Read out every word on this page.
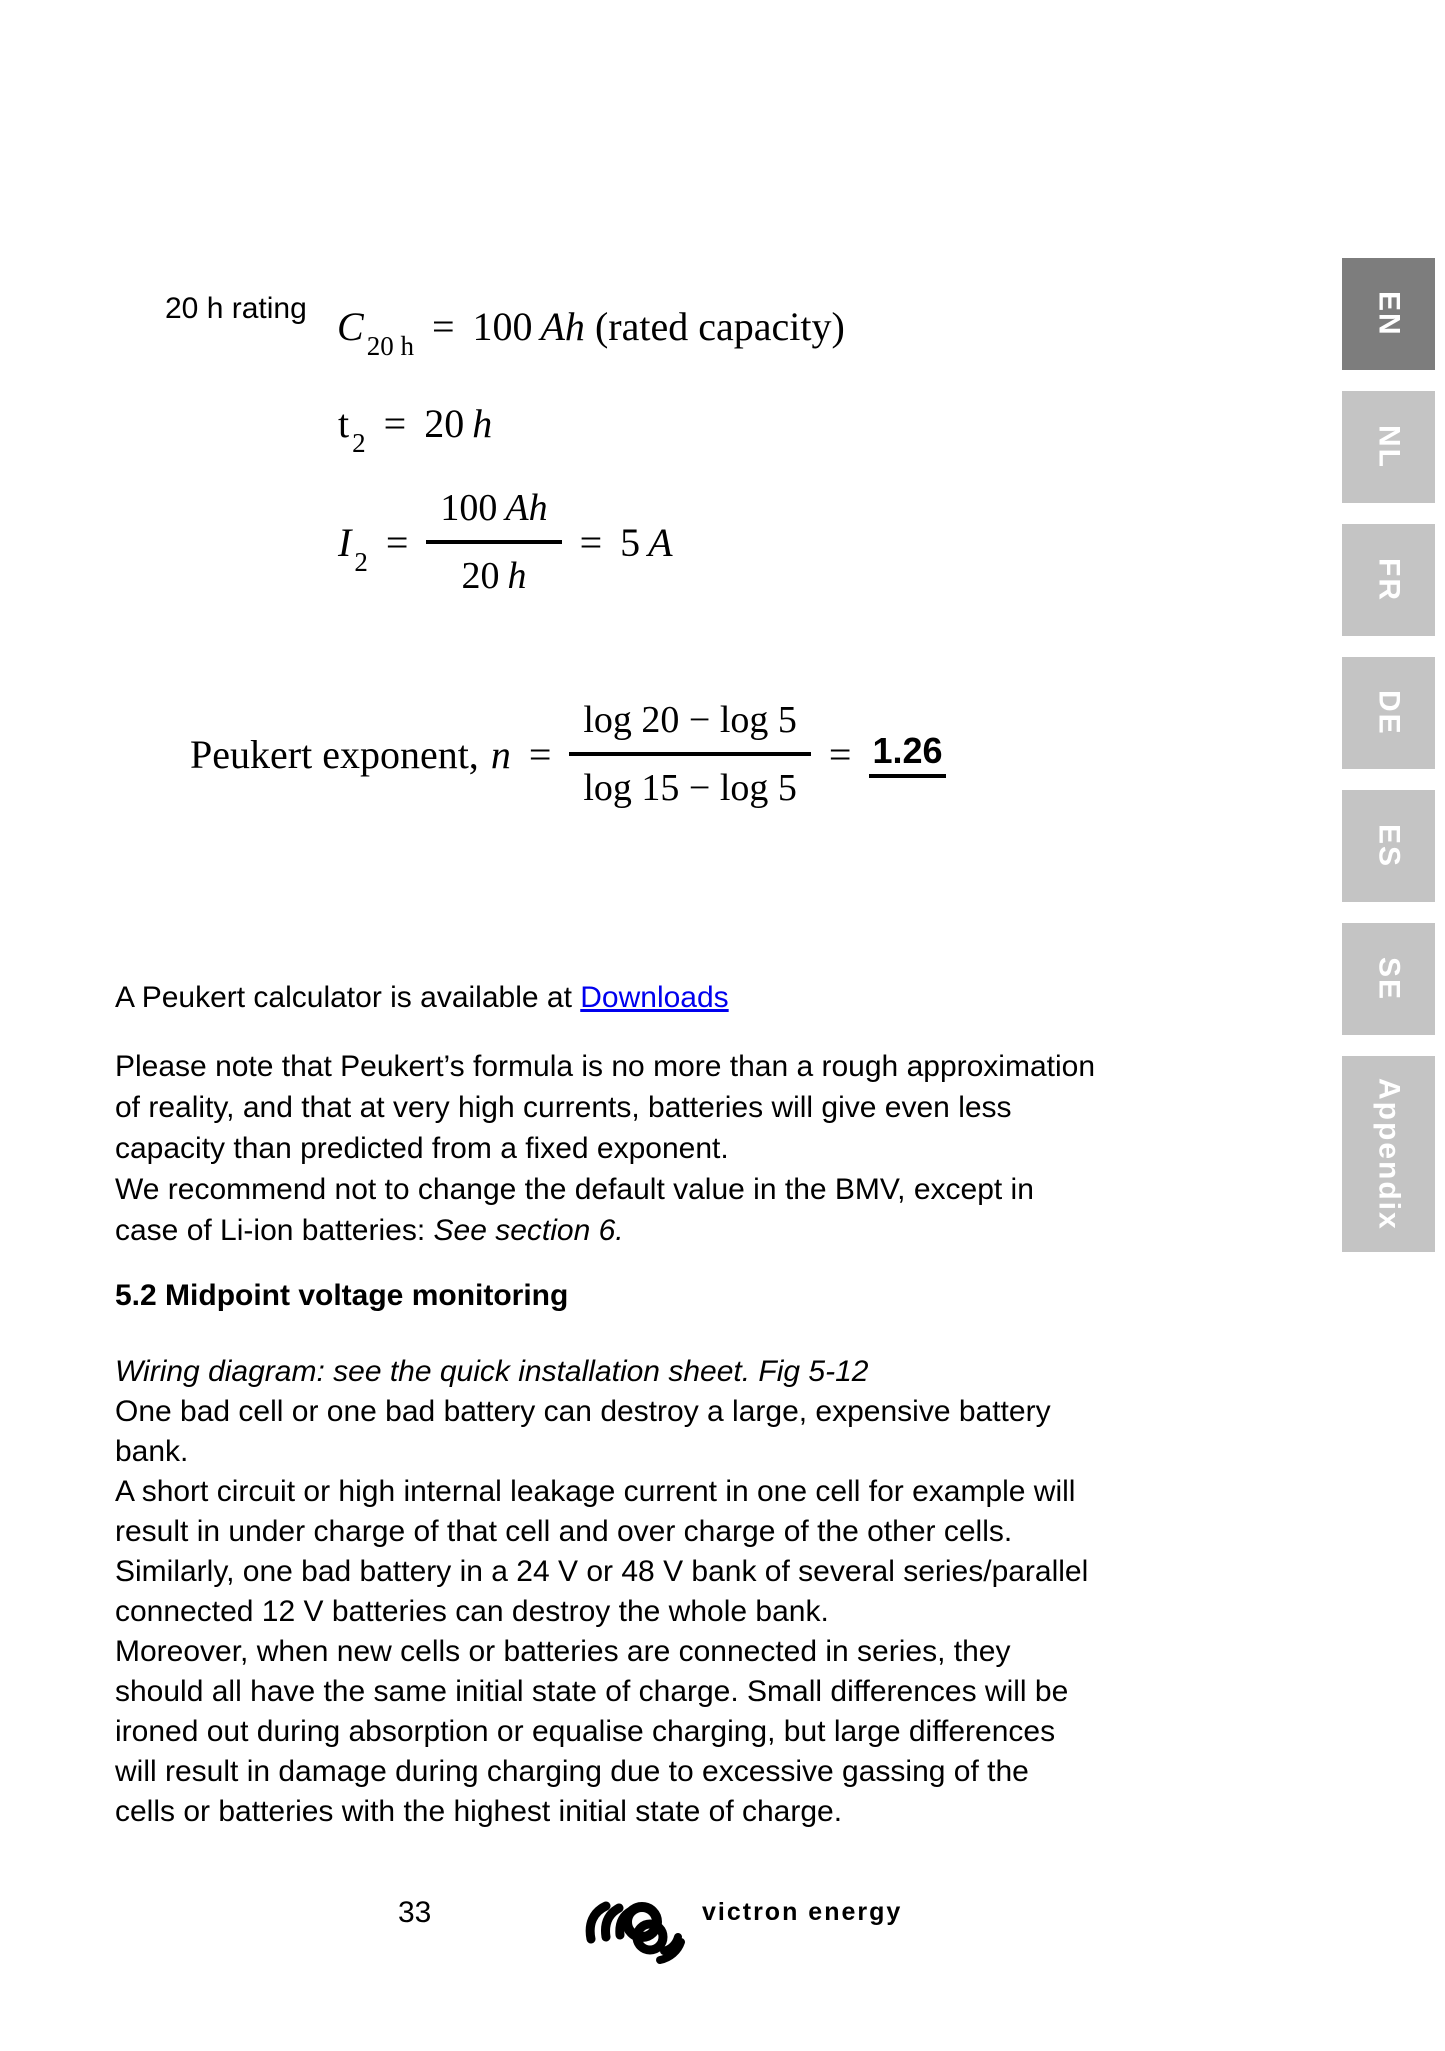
20 h rating C $_{20 h}$ = 100 Ah (rated capacity)
t $_2$ = 20 h
I $_2 = \frac{100 Ah}{20 h} = 5$ A
Peukert exponent, $n = \frac{\log 20 - \log 5}{\log 15 - \log 5} = 1.26$
A Peukert calculator is available at Downloads
Please note that Peukert’s formula is no more than a rough approximation
of reality, and that at very high currents, batteries will give even less
capacity than predicted from a fixed exponent.
We recommend not to change the default value in the BMV, except in
case of Li-ion batteries: See section 6.
5.2 Midpoint voltage monitoring
Wiring diagram: see the quick installation sheet. Fig 5-12
One bad cell or one bad battery can destroy a large, expensive battery
bank.
A short circuit or high internal leakage current in one cell for example will
result in under charge of that cell and over charge of the other cells.
Similarly, one bad battery in a 24 V or 48 V bank of several series/parallel
connected 12 V batteries can destroy the whole bank.
Moreover, when new cells or batteries are connected in series, they
should all have the same initial state of charge. Small differences will be
ironed out during absorption or equalise charging, but large differences
will result in damage during charging due to excessive gassing of the
cells or batteries with the highest initial state of charge.
33	victron energy
EN
NL
FR
DE
ES
SE
Appendix
